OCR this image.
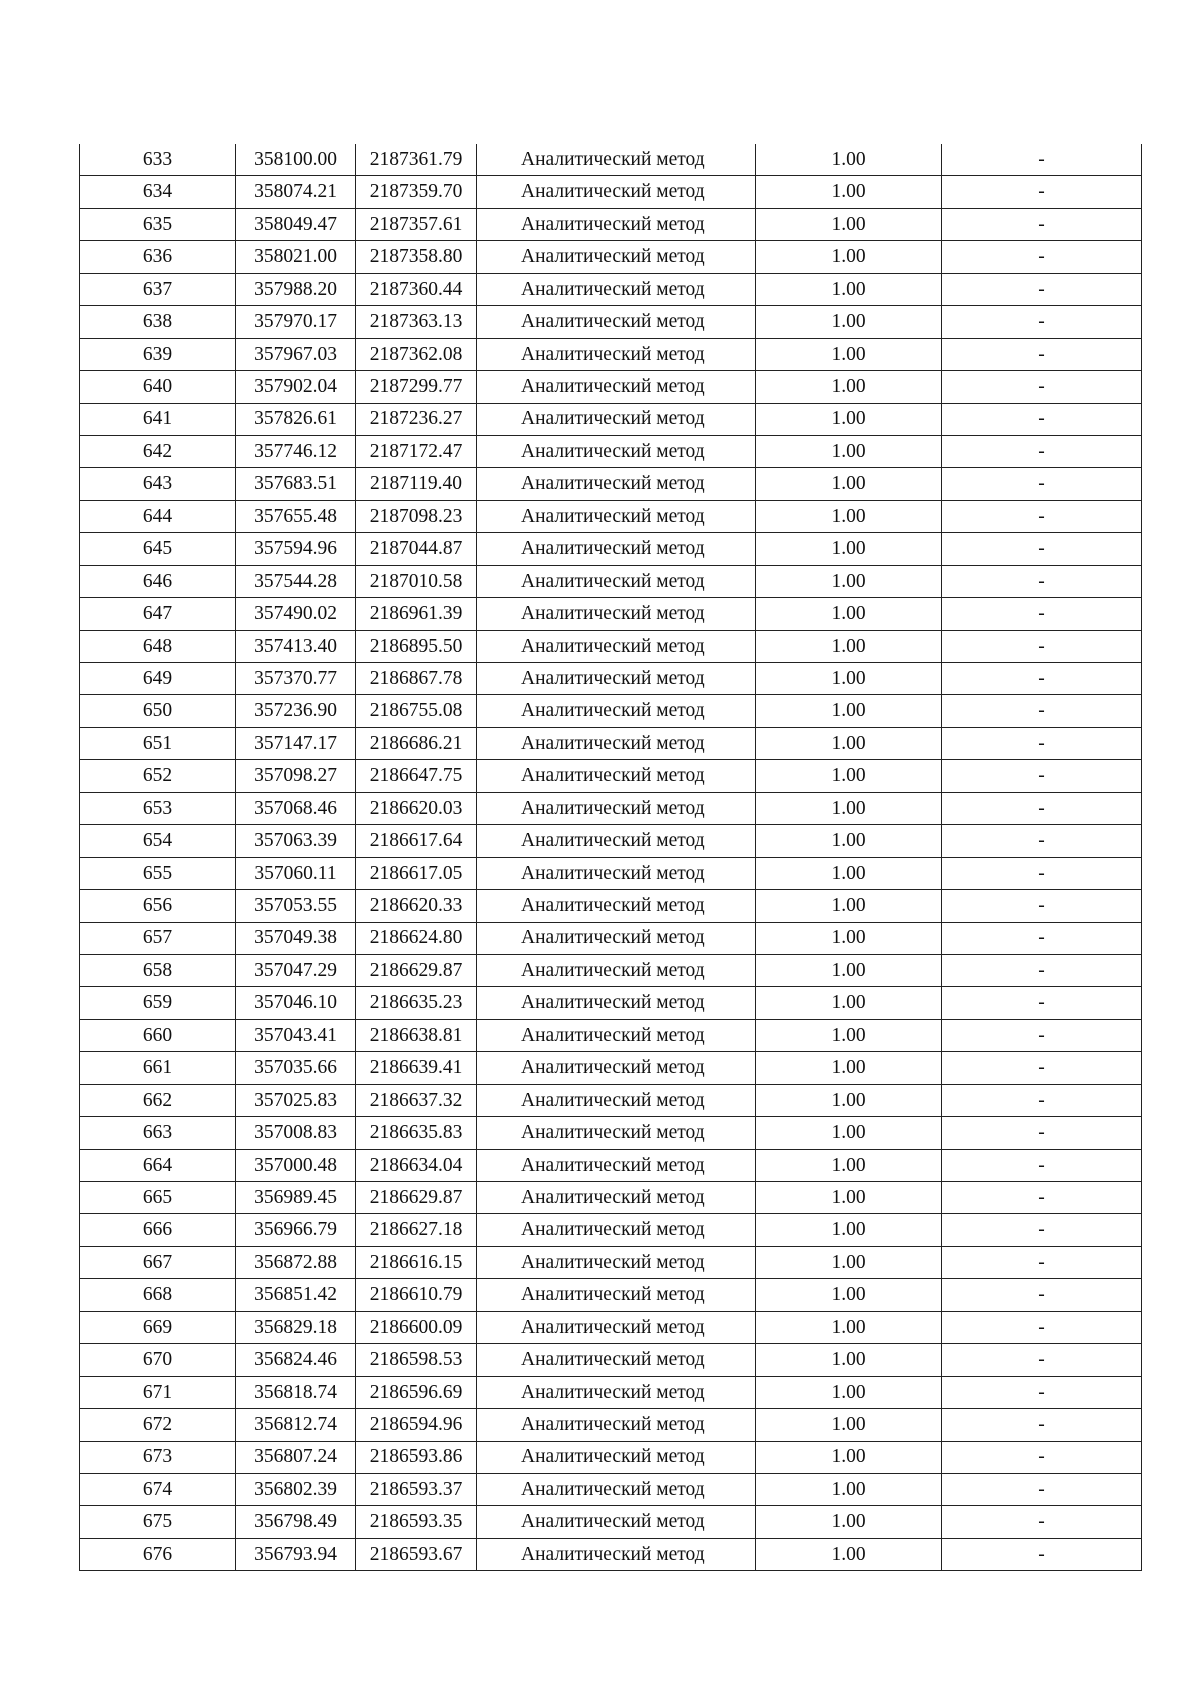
633	358100.00	2187361.79	Аналитический метод	1.00	-
634	358074.21	2187359.70	Аналитический метод	1.00	-
635	358049.47	2187357.61	Аналитический метод	1.00	-
636	358021.00	2187358.80	Аналитический метод	1.00	-
637	357988.20	2187360.44	Аналитический метод	1.00	-
638	357970.17	2187363.13	Аналитический метод	1.00	-
639	357967.03	2187362.08	Аналитический метод	1.00	-
640	357902.04	2187299.77	Аналитический метод	1.00	-
641	357826.61	2187236.27	Аналитический метод	1.00	-
642	357746.12	2187172.47	Аналитический метод	1.00	-
643	357683.51	2187119.40	Аналитический метод	1.00	-
644	357655.48	2187098.23	Аналитический метод	1.00	-
645	357594.96	2187044.87	Аналитический метод	1.00	-
646	357544.28	2187010.58	Аналитический метод	1.00	-
647	357490.02	2186961.39	Аналитический метод	1.00	-
648	357413.40	2186895.50	Аналитический метод	1.00	-
649	357370.77	2186867.78	Аналитический метод	1.00	-
650	357236.90	2186755.08	Аналитический метод	1.00	-
651	357147.17	2186686.21	Аналитический метод	1.00	-
652	357098.27	2186647.75	Аналитический метод	1.00	-
653	357068.46	2186620.03	Аналитический метод	1.00	-
654	357063.39	2186617.64	Аналитический метод	1.00	-
655	357060.11	2186617.05	Аналитический метод	1.00	-
656	357053.55	2186620.33	Аналитический метод	1.00	-
657	357049.38	2186624.80	Аналитический метод	1.00	-
658	357047.29	2186629.87	Аналитический метод	1.00	-
659	357046.10	2186635.23	Аналитический метод	1.00	-
660	357043.41	2186638.81	Аналитический метод	1.00	-
661	357035.66	2186639.41	Аналитический метод	1.00	-
662	357025.83	2186637.32	Аналитический метод	1.00	-
663	357008.83	2186635.83	Аналитический метод	1.00	-
664	357000.48	2186634.04	Аналитический метод	1.00	-
665	356989.45	2186629.87	Аналитический метод	1.00	-
666	356966.79	2186627.18	Аналитический метод	1.00	-
667	356872.88	2186616.15	Аналитический метод	1.00	-
668	356851.42	2186610.79	Аналитический метод	1.00	-
669	356829.18	2186600.09	Аналитический метод	1.00	-
670	356824.46	2186598.53	Аналитический метод	1.00	-
671	356818.74	2186596.69	Аналитический метод	1.00	-
672	356812.74	2186594.96	Аналитический метод	1.00	-
673	356807.24	2186593.86	Аналитический метод	1.00	-
674	356802.39	2186593.37	Аналитический метод	1.00	-
675	356798.49	2186593.35	Аналитический метод	1.00	-
676	356793.94	2186593.67	Аналитический метод	1.00	-
